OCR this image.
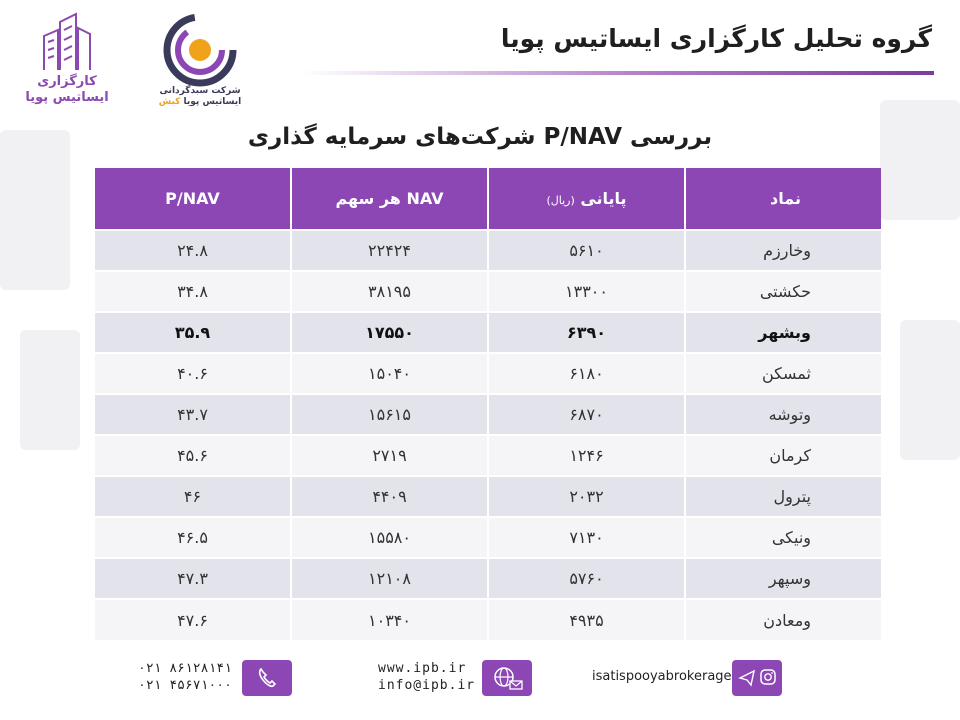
کارگزاری ایساتیس پویا	شرکت سبدگردانی
ایساتیس پویا کیش
گروه تحلیل کارگزاری ایساتیس پویا
بررسی P/NAV شرکت‌های سرمایه گذاری
نماد	پایانی (ریال)	NAV هر سهم	P/NAV
وخارزم	۵۶۱۰	۲۲۴۲۴	۲۴.۸
حکشتی	۱۳۳۰۰	۳۸۱۹۵	۳۴.۸
وبشهر	۶۳۹۰	۱۷۵۵۰	۳۵.۹
ثمسکن	۶۱۸۰	۱۵۰۴۰	۴۰.۶
وتوشه	۶۸۷۰	۱۵۶۱۵	۴۳.۷
کرمان	۱۲۴۶	۲۷۱۹	۴۵.۶
پترول	۲۰۳۲	۴۴۰۹	۴۶
ونیکی	۷۱۳۰	۱۵۵۸۰	۴۶.۵
وسپهر	۵۷۶۰	۱۲۱۰۸	۴۷.۳
ومعادن	۴۹۳۵	۱۰۳۴۰	۴۷.۶
۰۲۱ ۸۶۱۲۸۱۴۱
۰۲۱ ۴۵۶۷۱۰۰۰
www.ipb.ir
info@ipb.ir
isatispooyabrokerage
